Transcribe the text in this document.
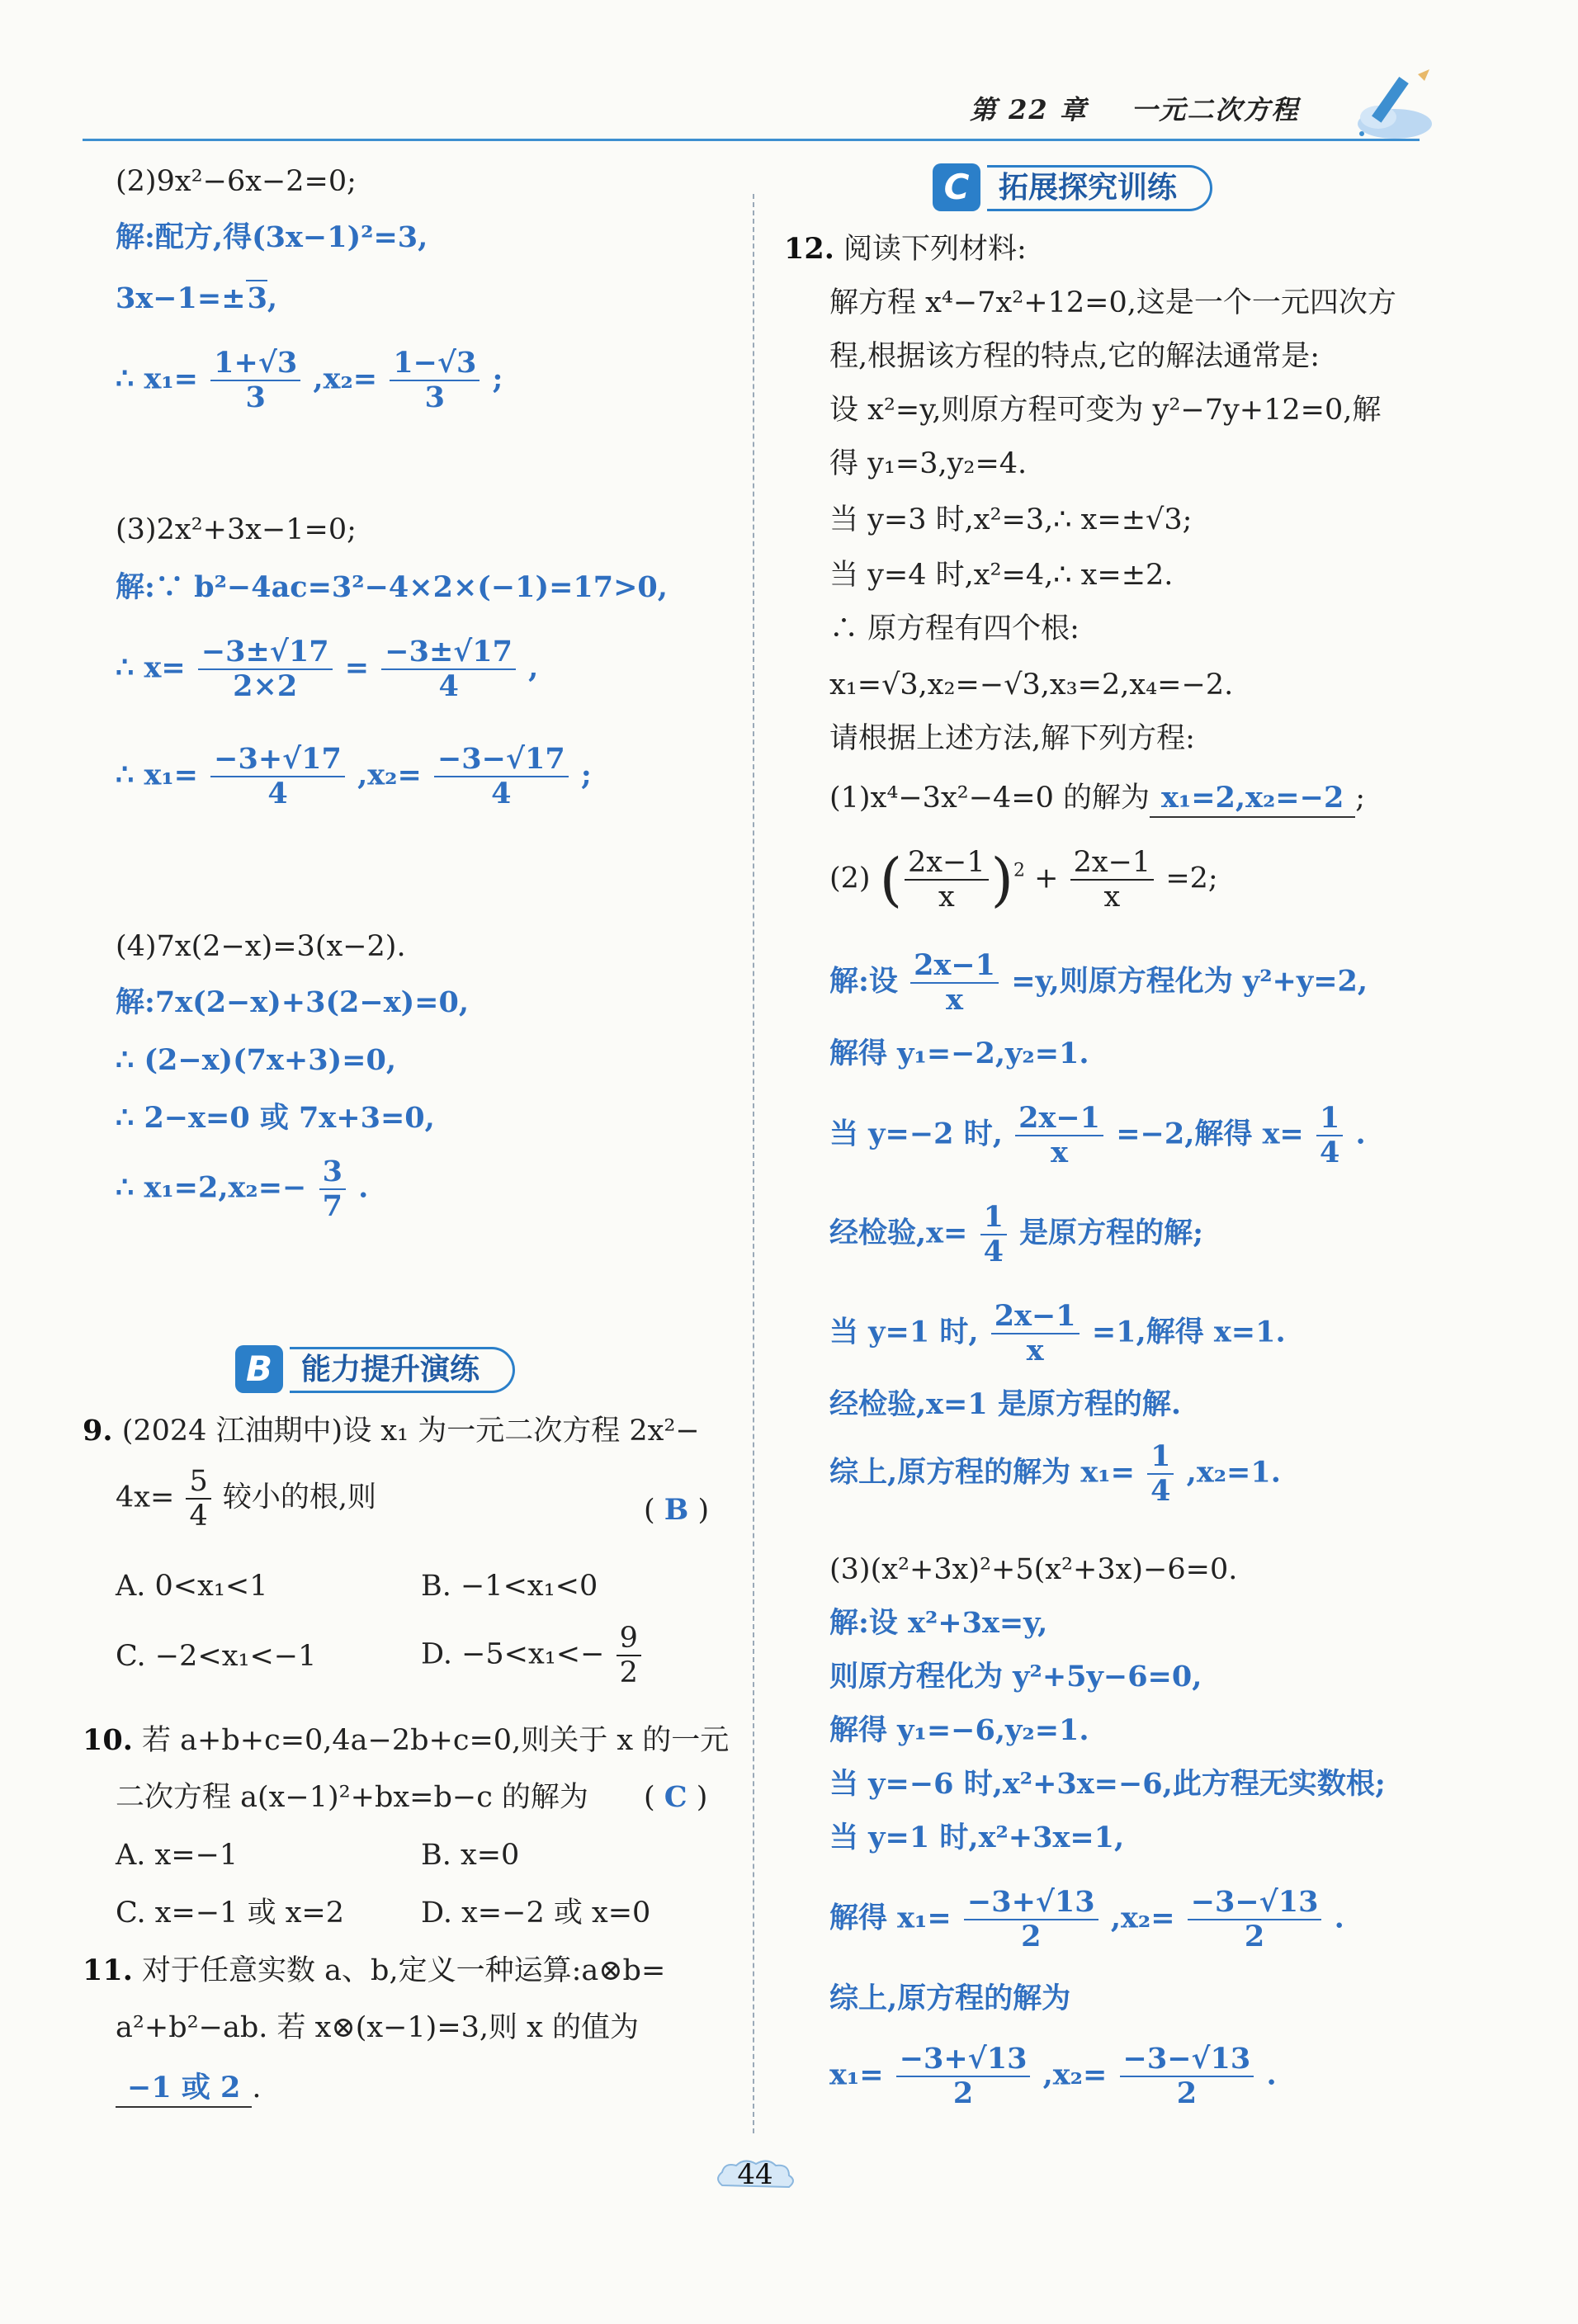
第 22 章 一元二次方程
(2)9x²−6x−2=0;
解:配方,得(3x−1)²=3,
3x−1=±3,
∴ $x_1= \frac{1+√3}{3} ,x_2= \frac{1-√3}{3}$ ;
(3)2x²+3x−1=0;
解:∵ b²−4ac=3²−4×2×(−1)=17>0,
∴ $x= \frac{-3\pm√17}{2\times 2} = \frac{-3\pm√17}{4}$ ,
∴ $x_1= \frac{-3+√17}{4} ,x_2= \frac{-3-√17}{4}$ ;
(4)7x(2−x)=3(x−2).
解:7x(2−x)+3(2−x)=0,
∴ (2−x)(7x+3)=0,
∴ 2−x=0 或 7x+3=0,
∴ $x_1=2,x_2=- \frac{3}{7}$ .
B 能力提升演练
9. (2024 江油期中)设 x₁ 为一元二次方程 2x²−
$4x= \frac{5}{4}$ 较小的根,则	( B )
A. 0<x₁<1	B. −1<x₁<0
C. −2<x₁<−1	D. $-5<x_1<- \frac{9}{2}$
10. 若 a+b+c=0,4a−2b+c=0,则关于 x 的一元
二次方程 a(x−1)²+bx=b−c 的解为 ( C )
A. x=−1	B. x=0
C. x=−1 或 x=2	D. x=−2 或 x=0
11. 对于任意实数 a、b,定义一种运算:a⊗b=
a²+b²−ab. 若 x⊗(x−1)=3,则 x 的值为
−1 或 2 .
C 拓展探究训练
12. 阅读下列材料:
解方程 x⁴−7x²+12=0,这是一个一元四次方
程,根据该方程的特点,它的解法通常是:
设 x²=y,则原方程可变为 y²−7y+12=0,解
得 y₁=3,y₂=4.
当 y=3 时,x²=3,∴ x=±√3;
当 y=4 时,x²=4,∴ x=±2.
∴ 原方程有四个根:
x₁=√3,x₂=−√3,x₃=2,x₄=−2.
请根据上述方法,解下列方程:
(1)x⁴−3x²−4=0 的解为 x₁=2,x₂=−2 ;
(2) ( $\frac{2x-1}{x} )^2 + \frac{2x-1}{x} =2$;
解:设 $\frac{2x-1}{x} =y$,则原方程化为 y²+y=2,
解得 y₁=−2,y₂=1.
当 y=−2 时, $\frac{2x-1}{x} =-2$,解得 $x= \frac{1}{4}$ .
经检验$,x= \frac{1}{4}$ 是原方程的解;
当 y=1 时, $\frac{2x-1}{x} =1$,解得 x=1.
经检验,x=1 是原方程的解.
综上,原方程的解为 $x_1= \frac{1}{4} ,x_2=1$.
(3)(x²+3x)²+5(x²+3x)−6=0.
解:设 x²+3x=y,
则原方程化为 y²+5y−6=0,
解得 y₁=−6,y₂=1.
当 y=−6 时,x²+3x=−6,此方程无实数根;
当 y=1 时,x²+3x=1,
解得 $x_1= \frac{-3+√13}{2} ,x_2= \frac{-3-√13}{2}$ .
综上,原方程的解为
$x_1= \frac{-3+√13}{2} ,x_2= \frac{-3-√13}{2}$ .
44
